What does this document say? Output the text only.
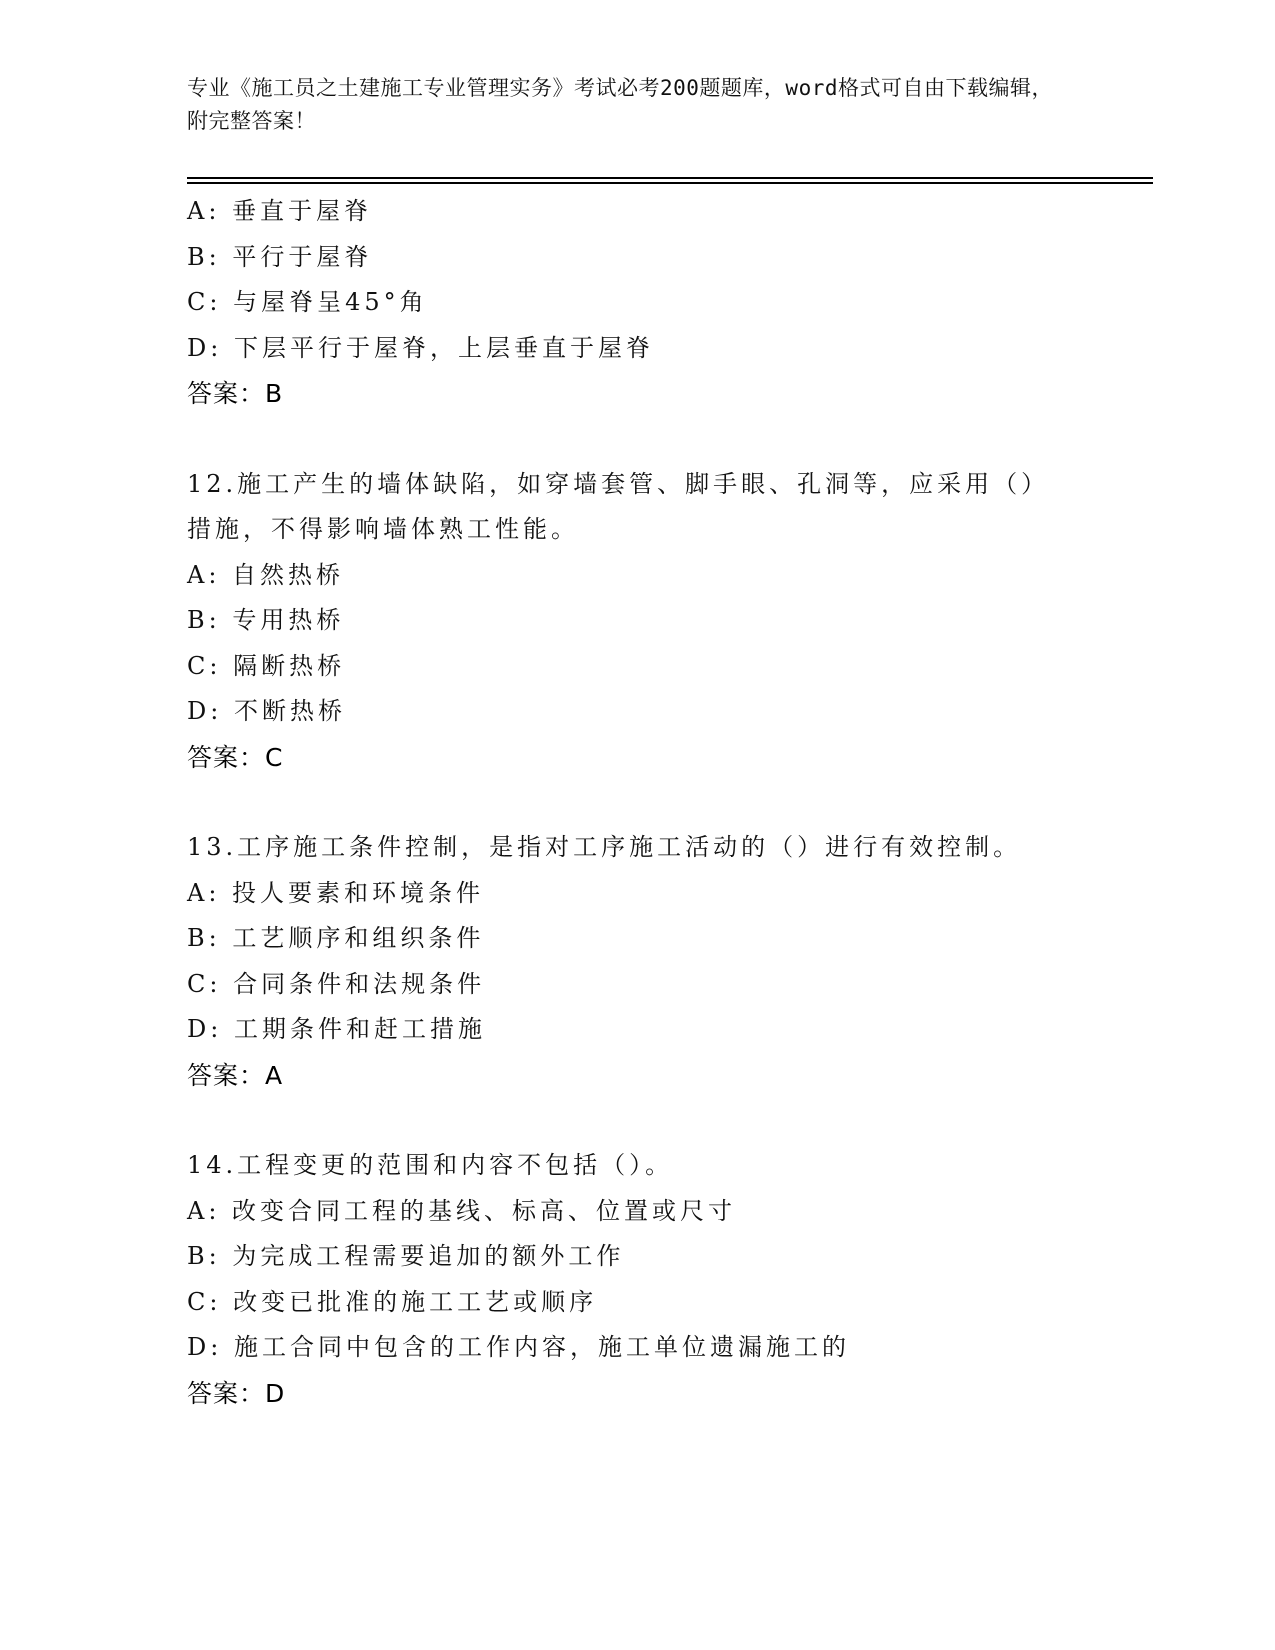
专业《施工员之土建施工专业管理实务》考试必考200题题库，word格式可自由下载编辑，附完整答案！
A: 垂直于屋脊
B: 平行于屋脊
C: 与屋脊呈45°角
D: 下层平行于屋脊，上层垂直于屋脊
答案：B
12.施工产生的墙体缺陷，如穿墙套管、脚手眼、孔洞等，应采用（）措施，不得影响墙体熟工性能。
A: 自然热桥
B: 专用热桥
C: 隔断热桥
D: 不断热桥
答案：C
13.工序施工条件控制，是指对工序施工活动的（）进行有效控制。
A: 投人要素和环境条件
B: 工艺顺序和组织条件
C: 合同条件和法规条件
D: 工期条件和赶工措施
答案：A
14.工程变更的范围和内容不包括（）。
A: 改变合同工程的基线、标高、位置或尺寸
B: 为完成工程需要追加的额外工作
C: 改变已批准的施工工艺或顺序
D: 施工合同中包含的工作内容，施工单位遗漏施工的
答案：D
